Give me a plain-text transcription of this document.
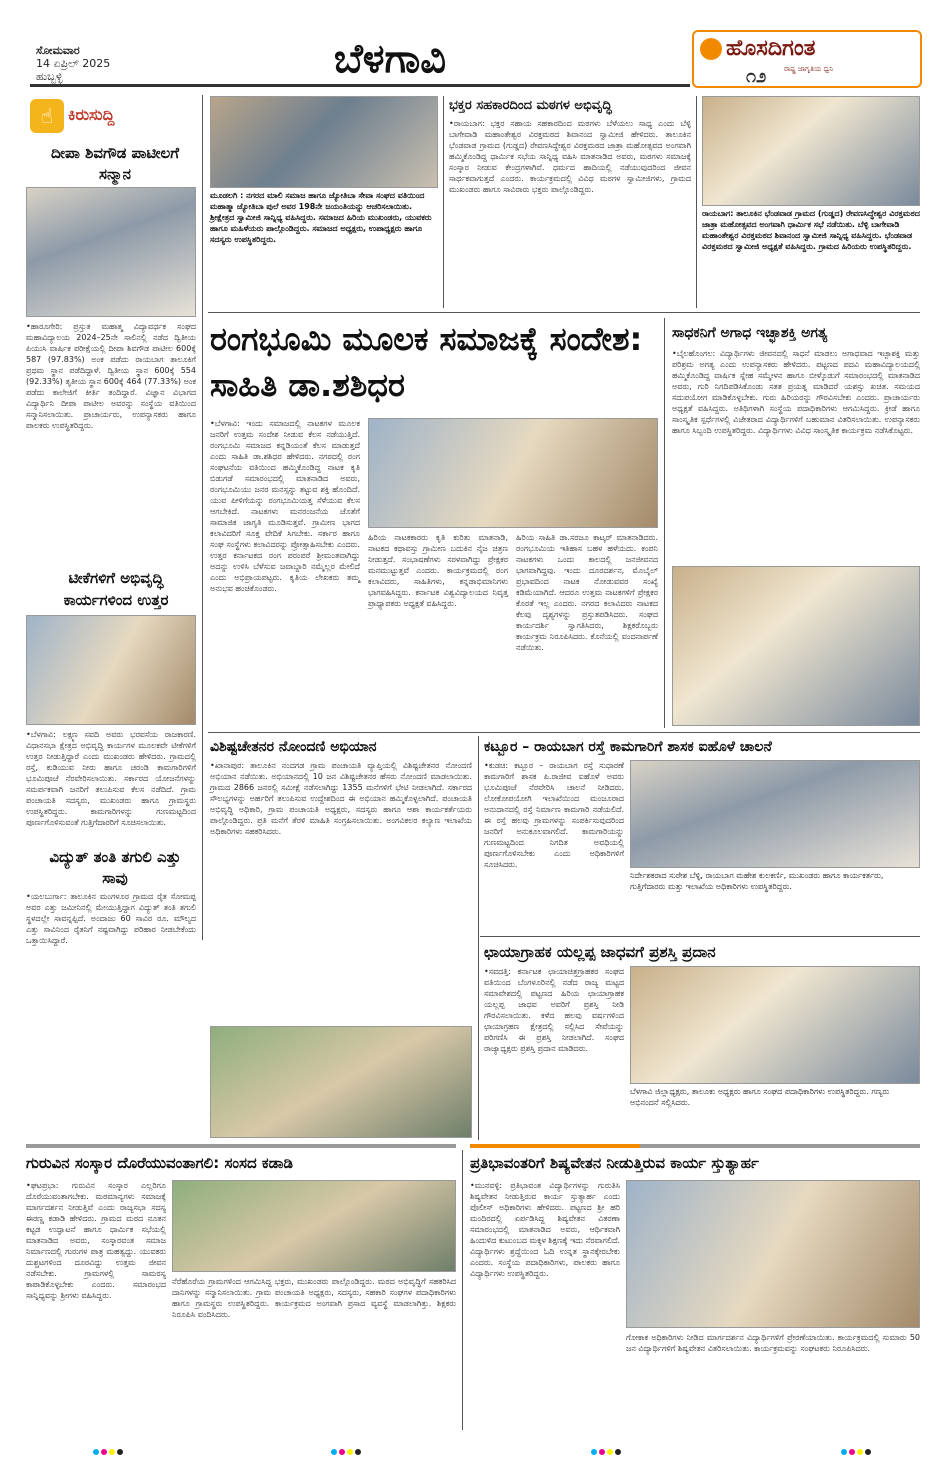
ಸೋಮವಾರ
14 ಏಪ್ರಿಲ್ 2025
ಹುಬ್ಬಳ್ಳಿ	ಬೆಳಗಾವಿ	ಹೊಸದಿಗಂತ
ರಾಷ್ಟ್ರ ಜಾಗೃತಿಯ ಧ್ವನಿ
೧೨
☝ ಕಿರುಸುದ್ದಿ
ದೀಪಾ ಶಿವಗೌಡ ಪಾಟೀಲಗೆ ಸನ್ಮಾನ
•ಹಾರೂಗೇರಿ: ಪ್ರಸ್ತುತ ಮಹಾತ್ಮ ವಿದ್ಯಾವರ್ಧಕ ಸಂಘದ ಮಹಾವಿದ್ಯಾಲಯ 2024–25ನೇ ಸಾಲಿನಲ್ಲಿ ನಡೆದ ದ್ವಿತೀಯ ಪಿಯುಸಿ ವಾರ್ಷಿಕ ಪರೀಕ್ಷೆಯಲ್ಲಿ ದೀಪಾ ಶಿವಗೌಡ ಪಾಟೀಲ 600ಕ್ಕೆ 587 (97.83%) ಅಂಕ ಪಡೆದು ರಾಯಬಾಗ ತಾಲೂಕಿಗೆ ಪ್ರಥಮ ಸ್ಥಾನ ಪಡೆದಿದ್ದಾಳೆ. ದ್ವಿತೀಯ ಸ್ಥಾನ 600ಕ್ಕೆ 554 (92.33%) ತೃತೀಯ ಸ್ಥಾನ 600ಕ್ಕೆ 464 (77.33%) ಅಂಕ ಪಡೆದು ಕಾಲೇಜಿಗೆ ಕೀರ್ತಿ ತಂದಿದ್ದಾರೆ. ವಿಜ್ಞಾನ ವಿಭಾಗದ ವಿದ್ಯಾರ್ಥಿನಿ ದೀಪಾ ಪಾಟೀಲ ಅವರನ್ನು ಸಂಸ್ಥೆಯ ವತಿಯಿಂದ ಸನ್ಮಾನಿಸಲಾಯಿತು. ಪ್ರಾಚಾರ್ಯರು, ಉಪನ್ಯಾಸಕರು ಹಾಗೂ ಪಾಲಕರು ಉಪಸ್ಥಿತರಿದ್ದರು.
ಟೀಕೆಗಳಿಗೆ ಅಭಿವೃದ್ಧಿ ಕಾರ್ಯಗಳಿಂದ ಉತ್ತರ
•ಬೆಳಗಾವಿ: ಲಕ್ಷ್ಮಣ ಸವದಿ ಅವರು ಭರವಸೆಯ ರಾಜಕಾರಣಿ. ವಿಧಾನಸಭಾ ಕ್ಷೇತ್ರದ ಅಭಿವೃದ್ಧಿ ಕಾರ್ಯಗಳ ಮೂಲಕವೇ ಟೀಕೆಗಳಿಗೆ ಉತ್ತರ ನೀಡುತ್ತಿದ್ದಾರೆ ಎಂದು ಮುಖಂಡರು ಹೇಳಿದರು. ಗ್ರಾಮದಲ್ಲಿ ರಸ್ತೆ, ಕುಡಿಯುವ ನೀರು ಹಾಗೂ ಚರಂಡಿ ಕಾಮಗಾರಿಗಳಿಗೆ ಭೂಮಿಪೂಜೆ ನೆರವೇರಿಸಲಾಯಿತು. ಸರ್ಕಾರದ ಯೋಜನೆಗಳನ್ನು ಸಮರ್ಪಕವಾಗಿ ಜನರಿಗೆ ತಲುಪಿಸುವ ಕೆಲಸ ನಡೆದಿದೆ. ಗ್ರಾಮ ಪಂಚಾಯತಿ ಸದಸ್ಯರು, ಮುಖಂಡರು ಹಾಗೂ ಗ್ರಾಮಸ್ಥರು ಉಪಸ್ಥಿತರಿದ್ದರು. ಕಾಮಗಾರಿಗಳನ್ನು ಗುಣಮಟ್ಟದಿಂದ ಪೂರ್ಣಗೊಳಿಸುವಂತೆ ಗುತ್ತಿಗೆದಾರರಿಗೆ ಸೂಚಿಸಲಾಯಿತು.
ವಿದ್ಯುತ್ ತಂತಿ ತಗುಲಿ ಎತ್ತು ಸಾವು
•ಯಲಬುರ್ಗಾ: ತಾಲೂಕಿನ ಮಂಗಳೂರ ಗ್ರಾಮದ ರೈತ ಸೋಮಪ್ಪ ಅವರ ಎತ್ತು ಜಮೀನಿನಲ್ಲಿ ಮೇಯುತ್ತಿದ್ದಾಗ ವಿದ್ಯುತ್ ತಂತಿ ತಗುಲಿ ಸ್ಥಳದಲ್ಲೇ ಸಾವನ್ನಪ್ಪಿದೆ. ಅಂದಾಜು 60 ಸಾವಿರ ರೂ. ಮೌಲ್ಯದ ಎತ್ತು ಸಾವಿನಿಂದ ರೈತನಿಗೆ ನಷ್ಟವಾಗಿದ್ದು ಪರಿಹಾರ ನೀಡಬೇಕೆಂದು ಒತ್ತಾಯಿಸಿದ್ದಾರೆ.
ಮೂಡಲಗಿ : ನಗರದ ಮಾಲಿ ಸಮಾಜ ಹಾಗೂ ಜ್ಯೋತಿಬಾ ಸೇವಾ ಸಂಘದ ವತಿಯಿಂದ ಮಹಾತ್ಮಾ ಜ್ಯೋತಿಬಾ ಪುಲೆ ಅವರ 198ನೇ ಜಯಂತಿಯನ್ನು ಆಚರಿಸಲಾಯಿತು. ಶ್ರೀಕ್ಷೇತ್ರದ ಸ್ವಾಮೀಜಿ ಸಾನ್ನಿಧ್ಯ ವಹಿಸಿದ್ದರು. ಸಮಾಜದ ಹಿರಿಯ ಮುಖಂಡರು, ಯುವಕರು ಹಾಗೂ ಮಹಿಳೆಯರು ಪಾಲ್ಗೊಂಡಿದ್ದರು. ಸಮಾಜದ ಅಧ್ಯಕ್ಷರು, ಉಪಾಧ್ಯಕ್ಷರು ಹಾಗೂ ಸದಸ್ಯರು ಉಪಸ್ಥಿತರಿದ್ದರು.
ಭಕ್ತರ ಸಹಕಾರದಿಂದ ಮಠಗಳ ಅಭಿವೃದ್ಧಿ
•ರಾಯಬಾಗ: ಭಕ್ತರ ಸಹಾಯ ಸಹಕಾರದಿಂದ ಮಠಗಳು ಬೆಳೆಯಲು ಸಾಧ್ಯ ಎಂದು ಬೆಳ್ಳಿ ಬಾಗೇವಾಡಿ ಮಹಾಂತೇಶ್ವರ ವಿರಕ್ತಮಠದ ಶಿವಾನಂದ ಸ್ವಾಮೀಜಿ ಹೇಳಿದರು. ತಾಲೂಕಿನ ಭೆಂಡವಾಡ ಗ್ರಾಮದ (ಗುಡ್ಡದ) ರೇವಣಸಿದ್ಧೇಶ್ವರ ವಿರಕ್ತಮಠದ ಜಾತ್ರಾ ಮಹೋತ್ಸವದ ಅಂಗವಾಗಿ ಹಮ್ಮಿಕೊಂಡಿದ್ದ ಧಾರ್ಮಿಕ ಸಭೆಯ ಸಾನ್ನಿಧ್ಯ ವಹಿಸಿ ಮಾತನಾಡಿದ ಅವರು, ಮಠಗಳು ಸಮಾಜಕ್ಕೆ ಸಂಸ್ಕಾರ ನೀಡುವ ಕೇಂದ್ರಗಳಾಗಿವೆ. ಧರ್ಮದ ಹಾದಿಯಲ್ಲಿ ನಡೆಯುವುದರಿಂದ ಜೀವನ ಸಾರ್ಥಕವಾಗುತ್ತದೆ ಎಂದರು. ಕಾರ್ಯಕ್ರಮದಲ್ಲಿ ವಿವಿಧ ಮಠಗಳ ಸ್ವಾಮೀಜಿಗಳು, ಗ್ರಾಮದ ಮುಖಂಡರು ಹಾಗೂ ಸಾವಿರಾರು ಭಕ್ತರು ಪಾಲ್ಗೊಂಡಿದ್ದರು.
ರಾಯಬಾಗ: ತಾಲೂಕಿನ ಭೆಂಡವಾಡ ಗ್ರಾಮದ (ಗುಡ್ಡದ) ರೇವಣಸಿದ್ಧೇಶ್ವರ ವಿರಕ್ತಮಠದ ಜಾತ್ರಾ ಮಹೋತ್ಸವದ ಅಂಗವಾಗಿ ಧಾರ್ಮಿಕ ಸಭೆ ನಡೆಯಿತು. ಬೆಳ್ಳಿ ಬಾಗೇವಾಡಿ ಮಹಾಂತೇಶ್ವರ ವಿರಕ್ತಮಠದ ಶಿವಾನಂದ ಸ್ವಾಮೀಜಿ ಸಾನ್ನಿಧ್ಯ ವಹಿಸಿದ್ದರು. ಭೆಂಡವಾಡ ವಿರಕ್ತಮಠದ ಸ್ವಾಮೀಜಿ ಅಧ್ಯಕ್ಷತೆ ವಹಿಸಿದ್ದರು. ಗ್ರಾಮದ ಹಿರಿಯರು ಉಪಸ್ಥಿತರಿದ್ದರು.
ರಂಗಭೂಮಿ ಮೂಲಕ ಸಮಾಜಕ್ಕೆ ಸಂದೇಶ: ಸಾಹಿತಿ ಡಾ.ಶಶಿಧರ
•ಬೆಳಗಾವಿ: ಇಂದು ಸಮಾಜದಲ್ಲಿ ನಾಟಕಗಳ ಮೂಲಕ ಜನರಿಗೆ ಉತ್ತಮ ಸಂದೇಶ ನೀಡುವ ಕೆಲಸ ನಡೆಯುತ್ತಿದೆ. ರಂಗಭೂಮಿ ಸಮಾಜದ ಕನ್ನಡಿಯಂತೆ ಕೆಲಸ ಮಾಡುತ್ತದೆ ಎಂದು ಸಾಹಿತಿ ಡಾ.ಶಶಿಧರ ಹೇಳಿದರು. ನಗರದಲ್ಲಿ ರಂಗ ಸಂಘಟನೆಯ ವತಿಯಿಂದ ಹಮ್ಮಿಕೊಂಡಿದ್ದ ನಾಟಕ ಕೃತಿ ಬಿಡುಗಡೆ ಸಮಾರಂಭದಲ್ಲಿ ಮಾತನಾಡಿದ ಅವರು, ರಂಗಭೂಮಿಯು ಜನರ ಮನಸ್ಸನ್ನು ತಟ್ಟುವ ಶಕ್ತಿ ಹೊಂದಿದೆ. ಯುವ ಪೀಳಿಗೆಯನ್ನು ರಂಗಭೂಮಿಯತ್ತ ಸೆಳೆಯುವ ಕೆಲಸ ಆಗಬೇಕಿದೆ. ನಾಟಕಗಳು ಮನರಂಜನೆಯ ಜೊತೆಗೆ ಸಾಮಾಜಿಕ ಜಾಗೃತಿ ಮೂಡಿಸುತ್ತವೆ. ಗ್ರಾಮೀಣ ಭಾಗದ ಕಲಾವಿದರಿಗೆ ಸೂಕ್ತ ವೇದಿಕೆ ಸಿಗಬೇಕು. ಸರ್ಕಾರ ಹಾಗೂ ಸಂಘ ಸಂಸ್ಥೆಗಳು ಕಲಾವಿದರನ್ನು ಪ್ರೋತ್ಸಾಹಿಸಬೇಕು ಎಂದರು. ಉತ್ತರ ಕರ್ನಾಟಕದ ರಂಗ ಪರಂಪರೆ ಶ್ರೀಮಂತವಾಗಿದ್ದು ಅದನ್ನು ಉಳಿಸಿ ಬೆಳೆಸುವ ಜವಾಬ್ದಾರಿ ನಮ್ಮೆಲ್ಲರ ಮೇಲಿದೆ ಎಂದು ಅಭಿಪ್ರಾಯಪಟ್ಟರು. ಕೃತಿಯ ಲೇಖಕರು ತಮ್ಮ ಅನುಭವ ಹಂಚಿಕೊಂಡರು.
ಹಿರಿಯ ನಾಟಕಕಾರರು ಕೃತಿ ಕುರಿತು ಮಾತನಾಡಿ, ನಾಟಕದ ಕಥಾವಸ್ತು ಗ್ರಾಮೀಣ ಬದುಕಿನ ನೈಜ ಚಿತ್ರಣ ನೀಡುತ್ತದೆ. ಸಂಭಾಷಣೆಗಳು ಸರಳವಾಗಿದ್ದು ಪ್ರೇಕ್ಷಕರ ಮನಮುಟ್ಟುತ್ತವೆ ಎಂದರು. ಕಾರ್ಯಕ್ರಮದಲ್ಲಿ ರಂಗ ಕಲಾವಿದರು, ಸಾಹಿತಿಗಳು, ಕನ್ನಡಾಭಿಮಾನಿಗಳು ಭಾಗವಹಿಸಿದ್ದರು. ಕರ್ನಾಟಕ ವಿಶ್ವವಿದ್ಯಾಲಯದ ನಿವೃತ್ತ ಪ್ರಾಧ್ಯಾಪಕರು ಅಧ್ಯಕ್ಷತೆ ವಹಿಸಿದ್ದರು.
ಹಿರಿಯ ಸಾಹಿತಿ ಡಾ.ಸರಜೂ ಕಾಟ್ಕರ್ ಮಾತನಾಡಿದರು. ರಂಗಭೂಮಿಯ ಇತಿಹಾಸ ಬಹಳ ಹಳೆಯದು. ಕಂಪನಿ ನಾಟಕಗಳು ಒಂದು ಕಾಲದಲ್ಲಿ ಜನಜೀವನದ ಭಾಗವಾಗಿದ್ದವು. ಇಂದು ದೂರದರ್ಶನ, ಮೊಬೈಲ್ ಪ್ರಭಾವದಿಂದ ನಾಟಕ ನೋಡುವವರ ಸಂಖ್ಯೆ ಕಡಿಮೆಯಾಗಿದೆ. ಆದರೂ ಉತ್ತಮ ನಾಟಕಗಳಿಗೆ ಪ್ರೇಕ್ಷಕರ ಕೊರತೆ ಇಲ್ಲ ಎಂದರು. ನಗರದ ಕಲಾವಿದರು ನಾಟಕದ ಕೆಲವು ದೃಶ್ಯಗಳನ್ನು ಪ್ರಸ್ತುತಪಡಿಸಿದರು. ಸಂಘದ ಕಾರ್ಯದರ್ಶಿ ಸ್ವಾಗತಿಸಿದರು, ಶಿಕ್ಷಕರೊಬ್ಬರು ಕಾರ್ಯಕ್ರಮ ನಿರೂಪಿಸಿದರು. ಕೊನೆಯಲ್ಲಿ ವಂದನಾರ್ಪಣೆ ನಡೆಯಿತು.
ಸಾಧಕನಿಗೆ ಅಗಾಧ ಇಚ್ಛಾಶಕ್ತಿ ಅಗತ್ಯ
•ಬೈಲಹೊಂಗಲ: ವಿದ್ಯಾರ್ಥಿಗಳು ಜೀವನದಲ್ಲಿ ಸಾಧನೆ ಮಾಡಲು ಅಗಾಧವಾದ ಇಚ್ಛಾಶಕ್ತಿ ಮತ್ತು ಪರಿಶ್ರಮ ಅಗತ್ಯ ಎಂದು ಉಪನ್ಯಾಸಕರು ಹೇಳಿದರು. ಪಟ್ಟಣದ ಪದವಿ ಮಹಾವಿದ್ಯಾಲಯದಲ್ಲಿ ಹಮ್ಮಿಕೊಂಡಿದ್ದ ವಾರ್ಷಿಕ ಸ್ನೇಹ ಸಮ್ಮೇಳನ ಹಾಗೂ ಬೀಳ್ಕೊಡುಗೆ ಸಮಾರಂಭದಲ್ಲಿ ಮಾತನಾಡಿದ ಅವರು, ಗುರಿ ನಿಗದಿಪಡಿಸಿಕೊಂಡು ಸತತ ಪ್ರಯತ್ನ ಮಾಡಿದರೆ ಯಶಸ್ಸು ಖಚಿತ. ಸಮಯದ ಸದುಪಯೋಗ ಮಾಡಿಕೊಳ್ಳಬೇಕು. ಗುರು ಹಿರಿಯರನ್ನು ಗೌರವಿಸಬೇಕು ಎಂದರು. ಪ್ರಾಚಾರ್ಯರು ಅಧ್ಯಕ್ಷತೆ ವಹಿಸಿದ್ದರು. ಅತಿಥಿಗಳಾಗಿ ಸಂಸ್ಥೆಯ ಪದಾಧಿಕಾರಿಗಳು ಆಗಮಿಸಿದ್ದರು. ಕ್ರೀಡೆ ಹಾಗೂ ಸಾಂಸ್ಕೃತಿಕ ಸ್ಪರ್ಧೆಗಳಲ್ಲಿ ವಿಜೇತರಾದ ವಿದ್ಯಾರ್ಥಿಗಳಿಗೆ ಬಹುಮಾನ ವಿತರಿಸಲಾಯಿತು. ಉಪನ್ಯಾಸಕರು ಹಾಗೂ ಸಿಬ್ಬಂದಿ ಉಪಸ್ಥಿತರಿದ್ದರು. ವಿದ್ಯಾರ್ಥಿಗಳು ವಿವಿಧ ಸಾಂಸ್ಕೃತಿಕ ಕಾರ್ಯಕ್ರಮ ನಡೆಸಿಕೊಟ್ಟರು.
ವಿಶಿಷ್ಟಚೇತನರ ನೋಂದಣಿ ಅಭಿಯಾನ
•ಖಾನಾಪುರ: ತಾಲೂಕಿನ ನಂದಗಡ ಗ್ರಾಮ ಪಂಚಾಯತಿ ವ್ಯಾಪ್ತಿಯಲ್ಲಿ ವಿಶಿಷ್ಟಚೇತನರ ನೋಂದಣಿ ಅಭಿಯಾನ ನಡೆಯಿತು. ಅಭಿಯಾನದಲ್ಲಿ 10 ಜನ ವಿಶಿಷ್ಟಚೇತನರ ಹೆಸರು ನೋಂದಣಿ ಮಾಡಲಾಯಿತು. ಗ್ರಾಮದ 2866 ಜನರಲ್ಲಿ ಸಮೀಕ್ಷೆ ನಡೆಸಲಾಗಿದ್ದು 1355 ಮನೆಗಳಿಗೆ ಭೇಟಿ ನೀಡಲಾಗಿದೆ. ಸರ್ಕಾರದ ಸೌಲಭ್ಯಗಳನ್ನು ಅರ್ಹರಿಗೆ ತಲುಪಿಸುವ ಉದ್ದೇಶದಿಂದ ಈ ಅಭಿಯಾನ ಹಮ್ಮಿಕೊಳ್ಳಲಾಗಿದೆ. ಪಂಚಾಯತಿ ಅಭಿವೃದ್ಧಿ ಅಧಿಕಾರಿ, ಗ್ರಾಮ ಪಂಚಾಯತಿ ಅಧ್ಯಕ್ಷರು, ಸದಸ್ಯರು ಹಾಗೂ ಆಶಾ ಕಾರ್ಯಕರ್ತೆಯರು ಪಾಲ್ಗೊಂಡಿದ್ದರು. ಪ್ರತಿ ಮನೆಗೆ ತೆರಳಿ ಮಾಹಿತಿ ಸಂಗ್ರಹಿಸಲಾಯಿತು. ಅಂಗವಿಕಲರ ಕಲ್ಯಾಣ ಇಲಾಖೆಯ ಅಧಿಕಾರಿಗಳು ಸಹಕರಿಸಿದರು.
ಕಟ್ಬೂರ – ರಾಯಬಾಗ ರಸ್ತೆ ಕಾಮಗಾರಿಗೆ ಶಾಸಕ ಐಹೊಳೆ ಚಾಲನೆ
•ಕುಡಚಿ: ಕಟ್ಬೂರ – ರಾಯಬಾಗ ರಸ್ತೆ ಸುಧಾರಣೆ ಕಾಮಗಾರಿಗೆ ಶಾಸಕ ಪಿ.ರಾಜೀವ ಐಹೊಳೆ ಅವರು ಭೂಮಿಪೂಜೆ ನೆರವೇರಿಸಿ ಚಾಲನೆ ನೀಡಿದರು. ಲೋಕೋಪಯೋಗಿ ಇಲಾಖೆಯಿಂದ ಮಂಜೂರಾದ ಅನುದಾನದಲ್ಲಿ ರಸ್ತೆ ನಿರ್ಮಾಣ ಕಾಮಗಾರಿ ನಡೆಯಲಿದೆ. ಈ ರಸ್ತೆ ಹಲವು ಗ್ರಾಮಗಳನ್ನು ಸಂಪರ್ಕಿಸುವುದರಿಂದ ಜನರಿಗೆ ಅನುಕೂಲವಾಗಲಿದೆ. ಕಾಮಗಾರಿಯನ್ನು ಗುಣಮಟ್ಟದಿಂದ ನಿಗದಿತ ಅವಧಿಯಲ್ಲಿ ಪೂರ್ಣಗೊಳಿಸಬೇಕು ಎಂದು ಅಧಿಕಾರಿಗಳಿಗೆ ಸೂಚಿಸಿದರು.
ನಿರ್ದೇಶಕರಾದ ಸುರೇಶ ಬೆಳ್ಳಿ, ರಾಯಬಾಗ ಮಹೇಶ ಕುಲಕರ್ಣಿ, ಮುಖಂಡರು ಹಾಗೂ ಕಾರ್ಯಕರ್ತರು, ಗುತ್ತಿಗೆದಾರರು ಮತ್ತು ಇಲಾಖೆಯ ಅಧಿಕಾರಿಗಳು ಉಪಸ್ಥಿತರಿದ್ದರು.
ಛಾಯಾಗ್ರಾಹಕ ಯಲ್ಲಪ್ಪ ಜಾಧವಗೆ ಪ್ರಶಸ್ತಿ ಪ್ರದಾನ
•ಸವದತ್ತಿ: ಕರ್ನಾಟಕ ಛಾಯಾಚಿತ್ರಗ್ರಾಹಕರ ಸಂಘದ ವತಿಯಿಂದ ಬೆಂಗಳೂರಿನಲ್ಲಿ ನಡೆದ ರಾಜ್ಯ ಮಟ್ಟದ ಸಮಾವೇಶದಲ್ಲಿ ಪಟ್ಟಣದ ಹಿರಿಯ ಛಾಯಾಗ್ರಾಹಕ ಯಲ್ಲಪ್ಪ ಜಾಧವ ಅವರಿಗೆ ಪ್ರಶಸ್ತಿ ನೀಡಿ ಗೌರವಿಸಲಾಯಿತು. ಕಳೆದ ಹಲವು ವರ್ಷಗಳಿಂದ ಛಾಯಾಗ್ರಹಣ ಕ್ಷೇತ್ರದಲ್ಲಿ ಸಲ್ಲಿಸಿದ ಸೇವೆಯನ್ನು ಪರಿಗಣಿಸಿ ಈ ಪ್ರಶಸ್ತಿ ನೀಡಲಾಗಿದೆ. ಸಂಘದ ರಾಜ್ಯಾಧ್ಯಕ್ಷರು ಪ್ರಶಸ್ತಿ ಪ್ರದಾನ ಮಾಡಿದರು.
ಬೆಳಗಾವಿ ಜಿಲ್ಲಾಧ್ಯಕ್ಷರು, ತಾಲೂಕು ಅಧ್ಯಕ್ಷರು ಹಾಗೂ ಸಂಘದ ಪದಾಧಿಕಾರಿಗಳು ಉಪಸ್ಥಿತರಿದ್ದರು. ಗಣ್ಯರು ಅಭಿನಂದನೆ ಸಲ್ಲಿಸಿದರು.
ಗುರುವಿನ ಸಂಸ್ಕಾರ ದೊರೆಯುವಂತಾಗಲಿ: ಸಂಸದ ಕಡಾಡಿ
•ಘಟಪ್ರಭಾ: ಗುರುವಿನ ಸಂಸ್ಕಾರ ಎಲ್ಲರಿಗೂ ದೊರೆಯುವಂತಾಗಬೇಕು. ಮಠಮಾನ್ಯಗಳು ಸಮಾಜಕ್ಕೆ ಮಾರ್ಗದರ್ಶನ ನೀಡುತ್ತಿವೆ ಎಂದು ರಾಜ್ಯಸಭಾ ಸದಸ್ಯ ಈರಣ್ಣ ಕಡಾಡಿ ಹೇಳಿದರು. ಗ್ರಾಮದ ಮಠದ ನೂತನ ಕಟ್ಟಡ ಉದ್ಘಾಟನೆ ಹಾಗೂ ಧಾರ್ಮಿಕ ಸಭೆಯಲ್ಲಿ ಮಾತನಾಡಿದ ಅವರು, ಸಂಸ್ಕಾರವಂತ ಸಮಾಜ ನಿರ್ಮಾಣದಲ್ಲಿ ಗುರುಗಳ ಪಾತ್ರ ಮಹತ್ವದ್ದು. ಯುವಕರು ದುಶ್ಚಟಗಳಿಂದ ದೂರವಿದ್ದು ಉತ್ತಮ ಜೀವನ ನಡೆಸಬೇಕು. ಗ್ರಾಮಗಳಲ್ಲಿ ಸಾಮರಸ್ಯ ಕಾಪಾಡಿಕೊಳ್ಳಬೇಕು ಎಂದರು. ಸಮಾರಂಭದ ಸಾನ್ನಿಧ್ಯವನ್ನು ಶ್ರೀಗಳು ವಹಿಸಿದ್ದರು.
ನೆರೆಹೊರೆಯ ಗ್ರಾಮಗಳಿಂದ ಆಗಮಿಸಿದ್ದ ಭಕ್ತರು, ಮುಖಂಡರು ಪಾಲ್ಗೊಂಡಿದ್ದರು. ಮಠದ ಅಭಿವೃದ್ಧಿಗೆ ಸಹಕರಿಸಿದ ದಾನಿಗಳನ್ನು ಸನ್ಮಾನಿಸಲಾಯಿತು. ಗ್ರಾಮ ಪಂಚಾಯತಿ ಅಧ್ಯಕ್ಷರು, ಸದಸ್ಯರು, ಸಹಕಾರಿ ಸಂಘಗಳ ಪದಾಧಿಕಾರಿಗಳು ಹಾಗೂ ಗ್ರಾಮಸ್ಥರು ಉಪಸ್ಥಿತರಿದ್ದರು. ಕಾರ್ಯಕ್ರಮದ ಅಂಗವಾಗಿ ಪ್ರಸಾದ ವ್ಯವಸ್ಥೆ ಮಾಡಲಾಗಿತ್ತು. ಶಿಕ್ಷಕರು ನಿರೂಪಿಸಿ ವಂದಿಸಿದರು.
ಪ್ರತಿಭಾವಂತರಿಗೆ ಶಿಷ್ಯವೇತನ ನೀಡುತ್ತಿರುವ ಕಾರ್ಯ ಸ್ತುತ್ಯಾರ್ಹ
•ಮುನವಳ್ಳಿ: ಪ್ರತಿಭಾವಂತ ವಿದ್ಯಾರ್ಥಿಗಳನ್ನು ಗುರುತಿಸಿ ಶಿಷ್ಯವೇತನ ನೀಡುತ್ತಿರುವ ಕಾರ್ಯ ಸ್ತುತ್ಯಾರ್ಹ ಎಂದು ಪೊಲೀಸ್ ಅಧಿಕಾರಿಗಳು ಹೇಳಿದರು. ಪಟ್ಟಣದ ಶ್ರೀ ಹರಿ ಮಂದಿರದಲ್ಲಿ ಏರ್ಪಡಿಸಿದ್ದ ಶಿಷ್ಯವೇತನ ವಿತರಣಾ ಸಮಾರಂಭದಲ್ಲಿ ಮಾತನಾಡಿದ ಅವರು, ಆರ್ಥಿಕವಾಗಿ ಹಿಂದುಳಿದ ಕುಟುಂಬದ ಮಕ್ಕಳ ಶಿಕ್ಷಣಕ್ಕೆ ಇದು ನೆರವಾಗಲಿದೆ. ವಿದ್ಯಾರ್ಥಿಗಳು ಶ್ರದ್ಧೆಯಿಂದ ಓದಿ ಉನ್ನತ ಸ್ಥಾನಕ್ಕೇರಬೇಕು ಎಂದರು. ಸಂಸ್ಥೆಯ ಪದಾಧಿಕಾರಿಗಳು, ಪಾಲಕರು ಹಾಗೂ ವಿದ್ಯಾರ್ಥಿಗಳು ಉಪಸ್ಥಿತರಿದ್ದರು.
ಗೋಕಾಕ ಅಧಿಕಾರಿಗಳು ನೀಡಿದ ಮಾರ್ಗದರ್ಶನ ವಿದ್ಯಾರ್ಥಿಗಳಿಗೆ ಪ್ರೇರಣೆಯಾಯಿತು. ಕಾರ್ಯಕ್ರಮದಲ್ಲಿ ಸುಮಾರು 50 ಜನ ವಿದ್ಯಾರ್ಥಿಗಳಿಗೆ ಶಿಷ್ಯವೇತನ ವಿತರಿಸಲಾಯಿತು. ಕಾರ್ಯಕ್ರಮವನ್ನು ಸಂಘಟಕರು ನಿರೂಪಿಸಿದರು.
